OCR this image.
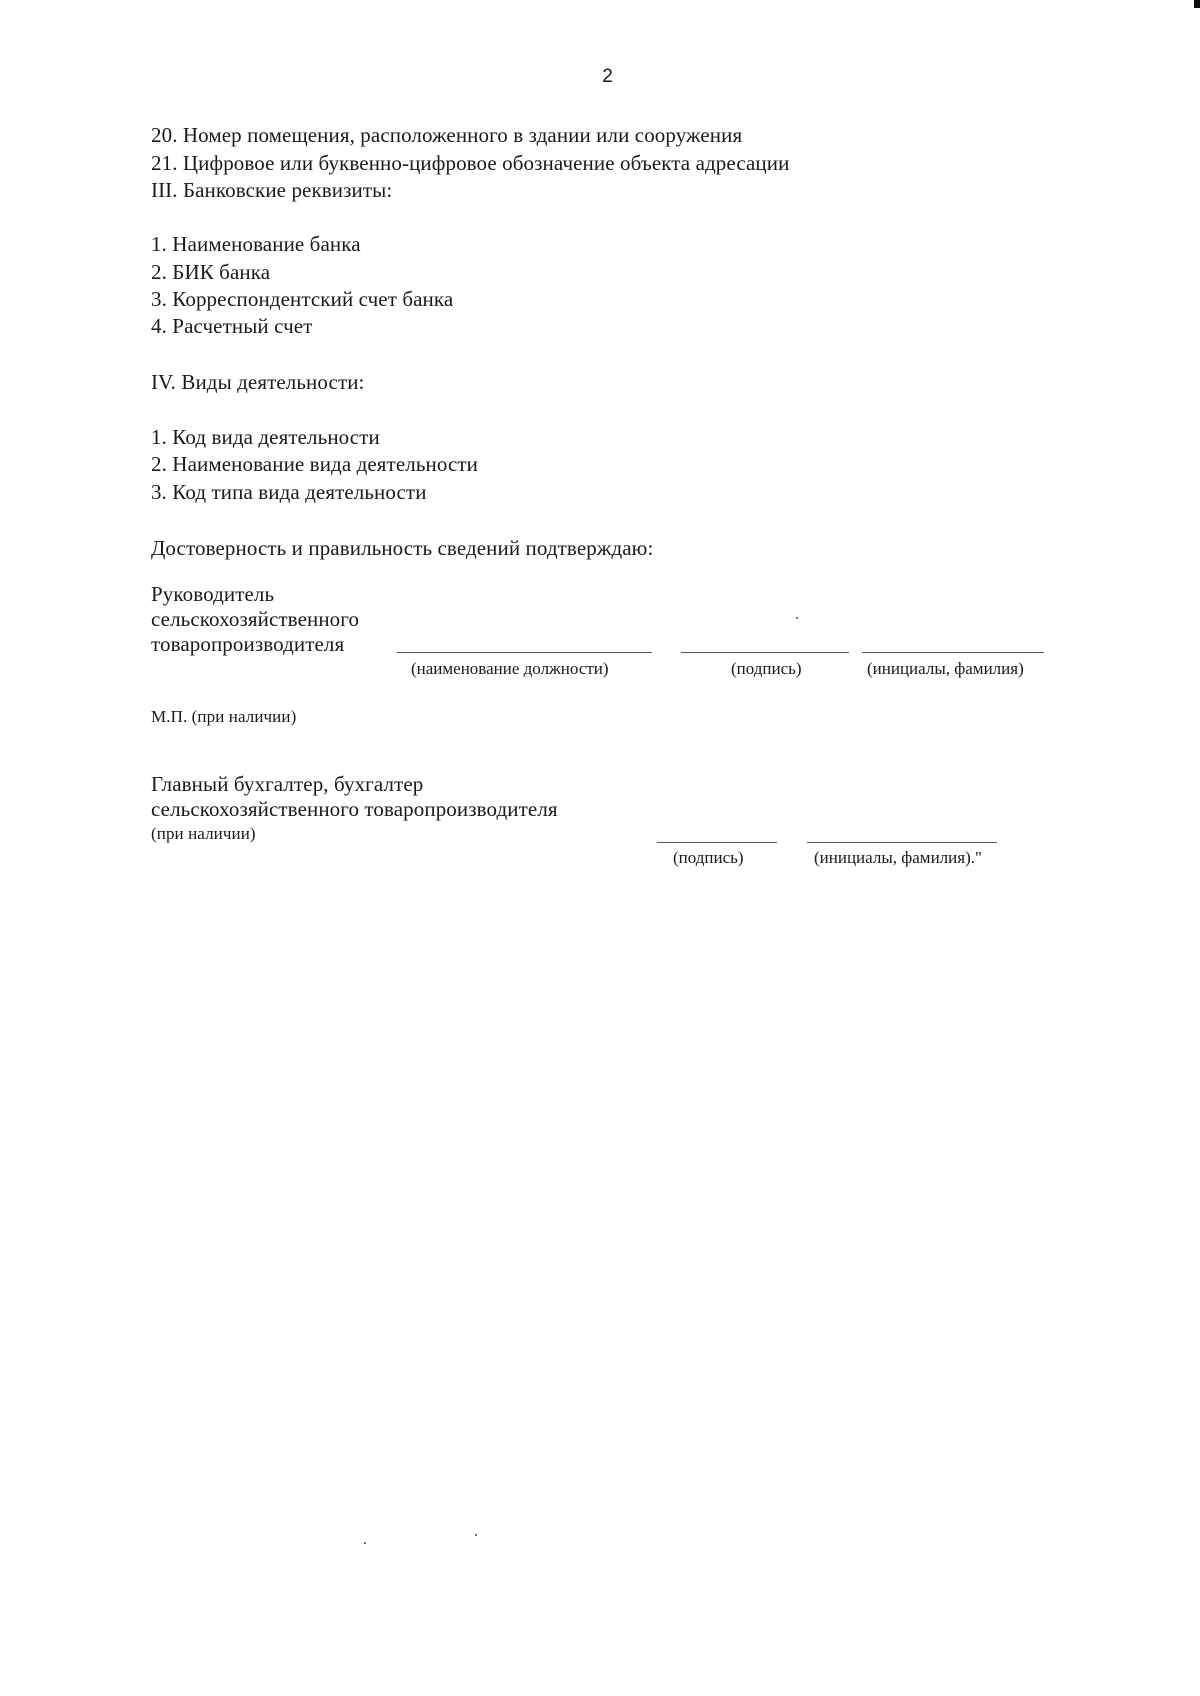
2
20. Номер помещения, расположенного в здании или сооружения
21. Цифровое или буквенно-цифровое обозначение объекта адресации
III. Банковские реквизиты:
1. Наименование банка
2. БИК банка
3. Корреспондентский счет банка
4. Расчетный счет
IV. Виды деятельности:
1. Код вида деятельности
2. Наименование вида деятельности
3. Код типа вида деятельности
Достоверность и правильность сведений подтверждаю:
Руководитель
сельскохозяйственного
товаропроизводителя
(наименование должности)	(подпись)	(инициалы, фамилия)
М.П. (при наличии)
Главный бухгалтер, бухгалтер
сельскохозяйственного товаропроизводителя
(при наличии)
(подпись)	(инициалы, фамилия)."
